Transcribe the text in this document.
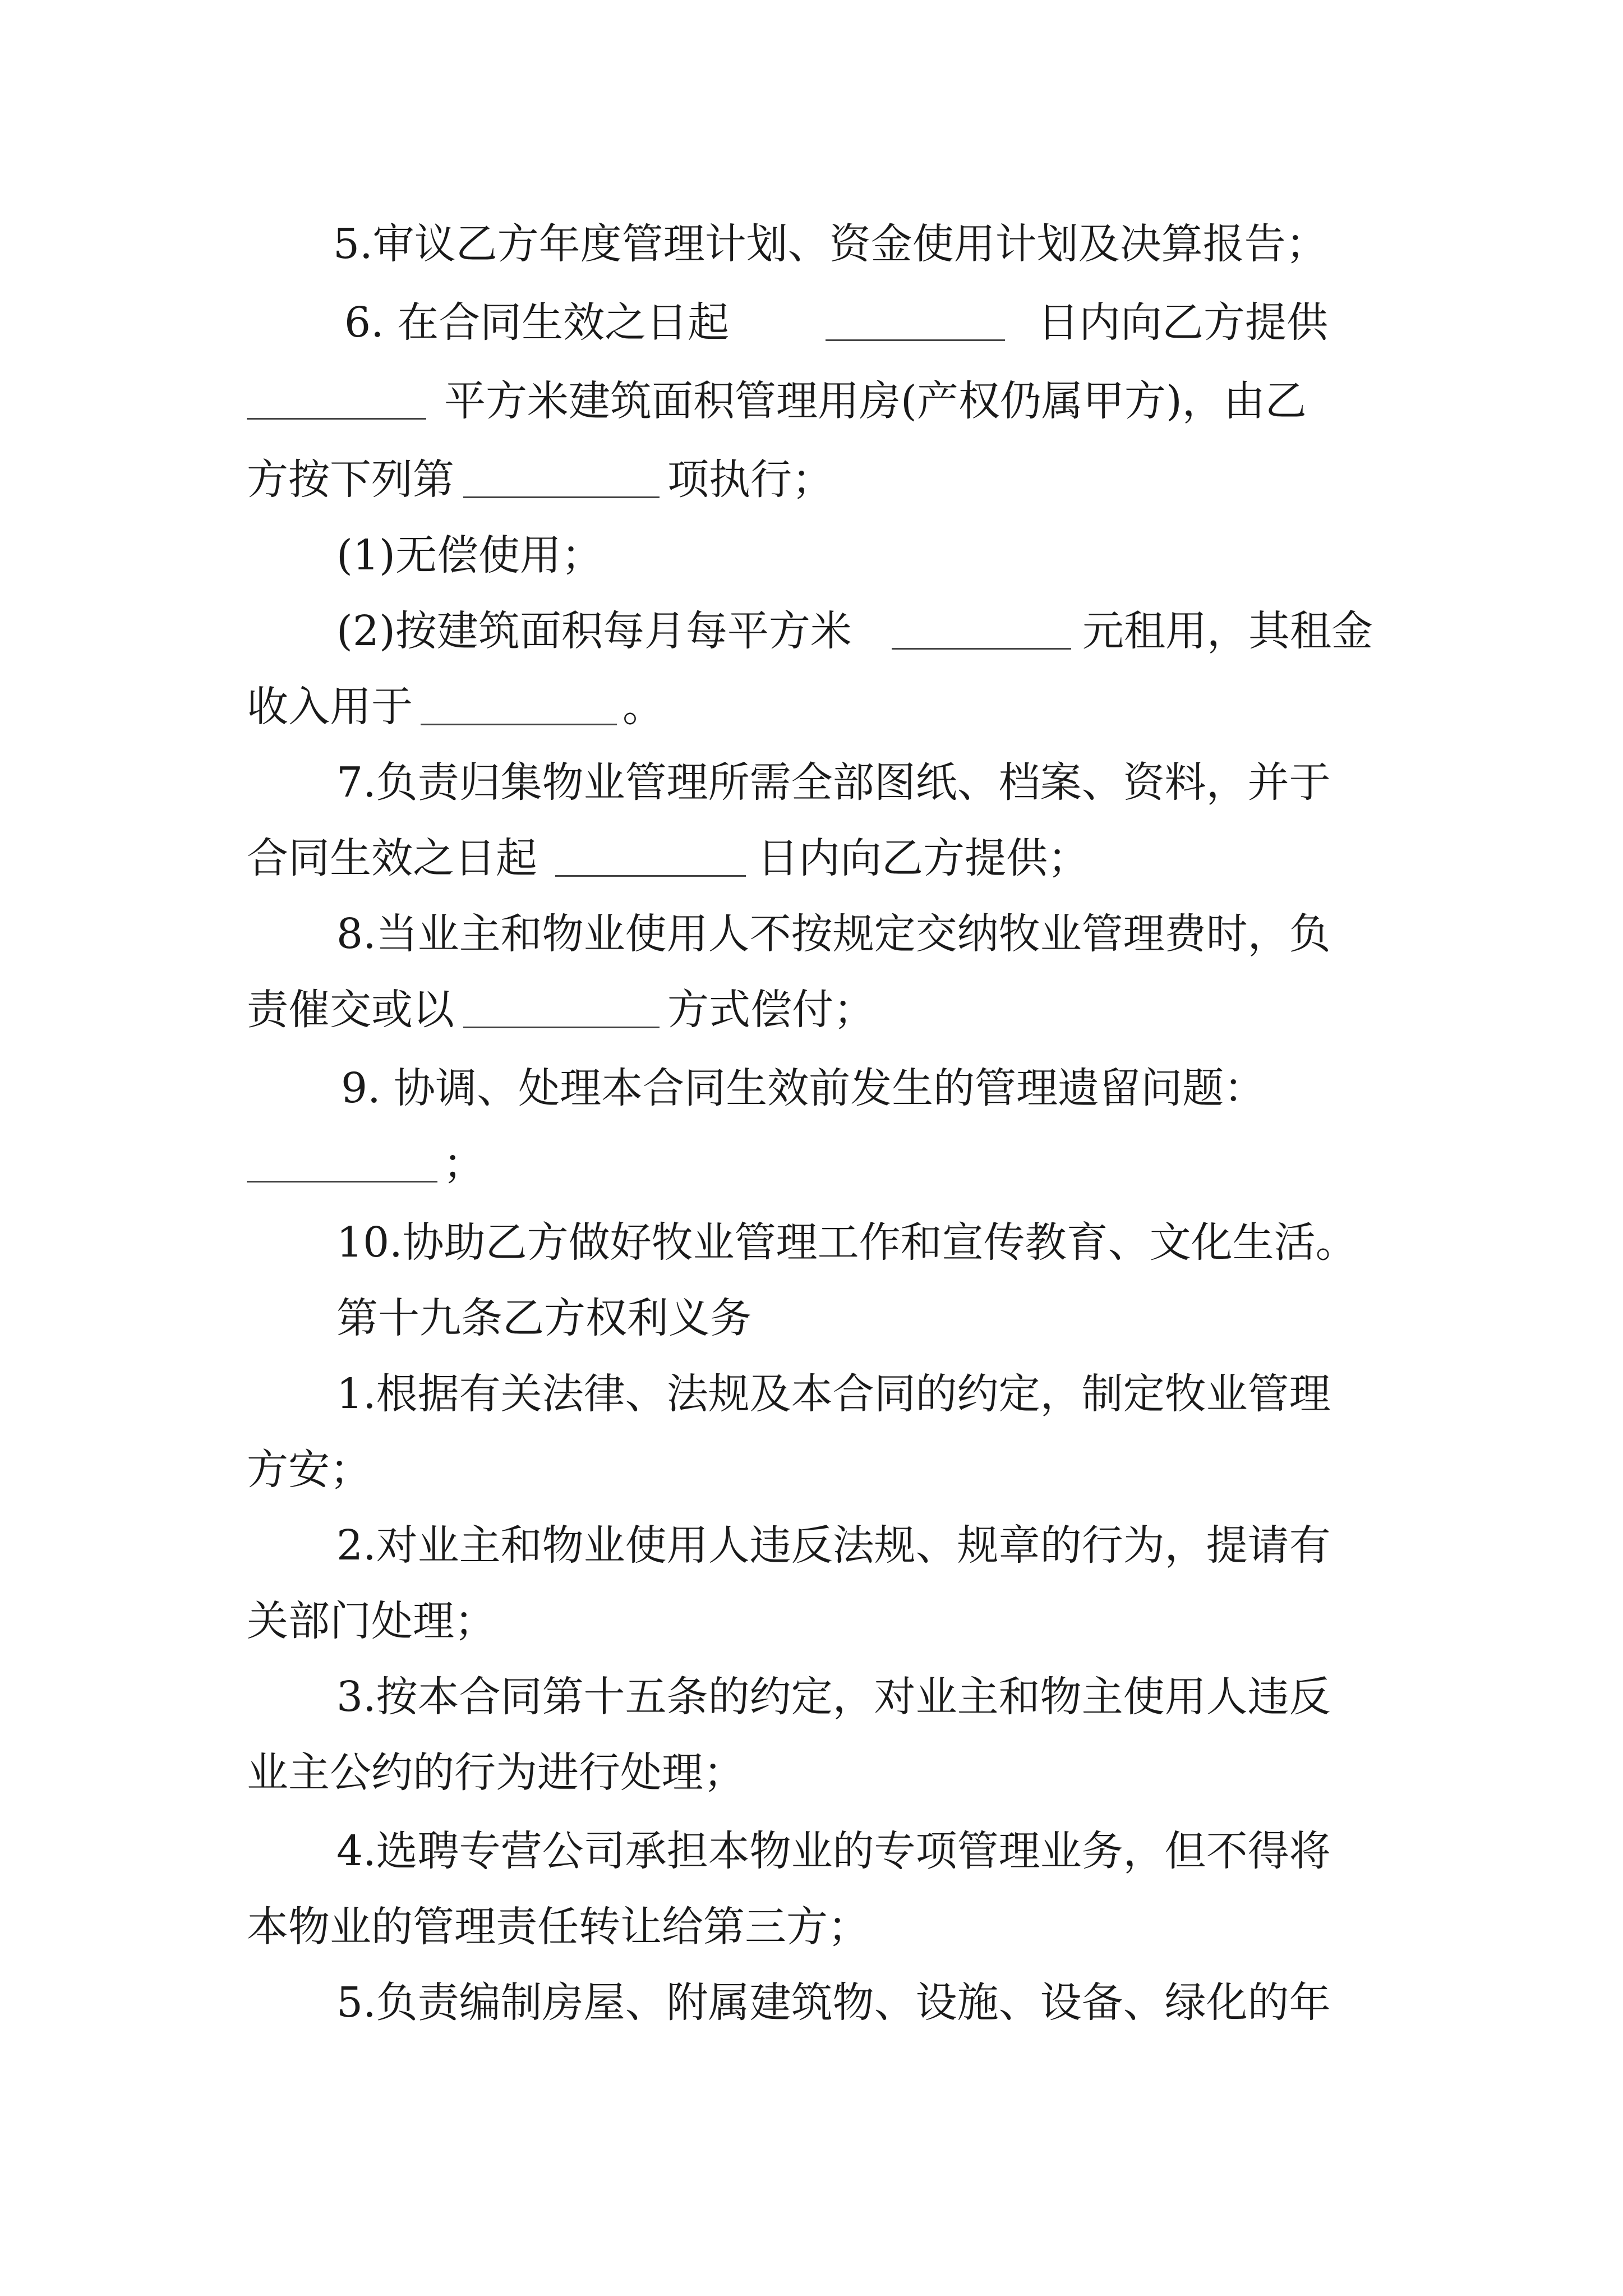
5.审议乙方年度管理计划、资金使用计划及决算报告；
6. 在合同生效之日起	日内向乙方提供
平方米建筑面积管理用房(产权仍属甲方)，由乙
方按下列第	项执行；
(1)无偿使用；
(2)按建筑面积每月每平方米	元租用，其租金
收入用于	。
7.负责归集物业管理所需全部图纸、档案、资料，并于
合同生效之日起	日内向乙方提供；
8.当业主和物业使用人不按规定交纳牧业管理费时，负
责催交或以	方式偿付；
9. 协调、处理本合同生效前发生的管理遗留问题：
；
10.协助乙方做好牧业管理工作和宣传教育、文化生活。
第十九条乙方权利义务
1.根据有关法律、法规及本合同的约定，制定牧业管理
方安；
2.对业主和物业使用人违反法规、规章的行为，提请有
关部门处理；
3.按本合同第十五条的约定，对业主和物主使用人违反
业主公约的行为进行处理；
4.选聘专营公司承担本物业的专项管理业务，但不得将
本物业的管理责任转让给第三方；
5.负责编制房屋、附属建筑物、设施、设备、绿化的年
